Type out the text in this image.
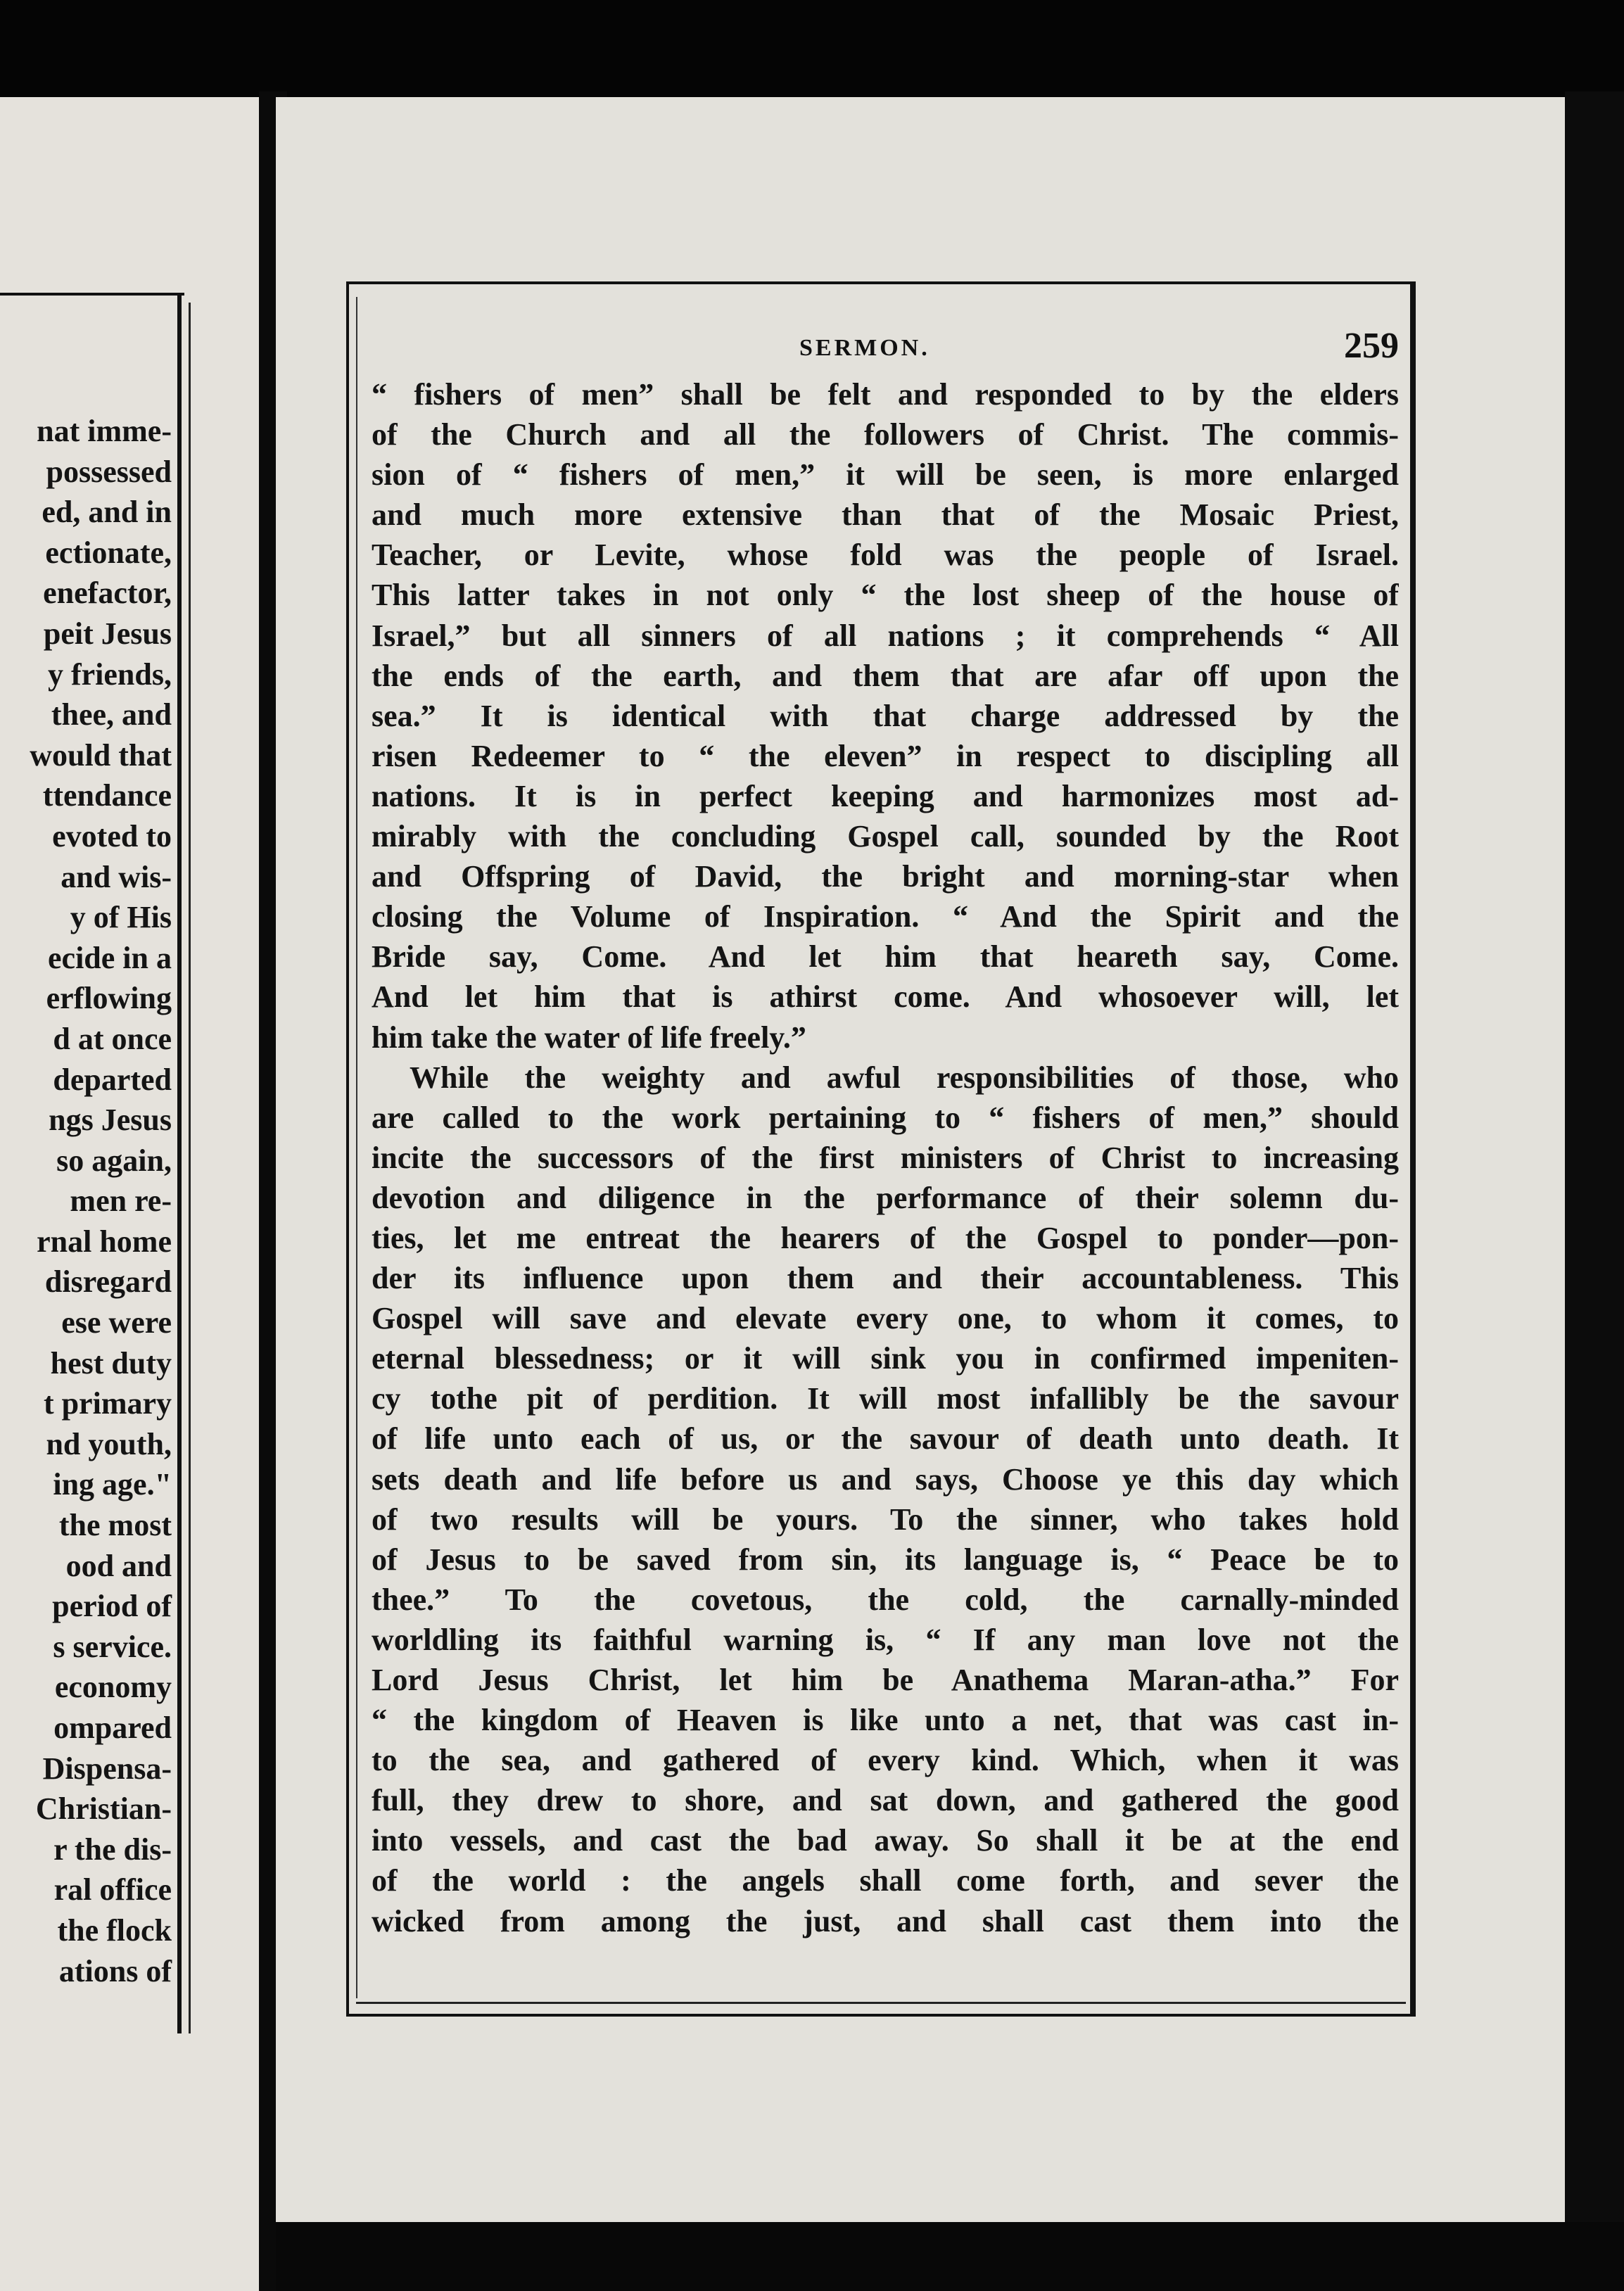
nat imme-
possessed
ed, and in
ectionate,
enefactor,
peit Jesus
y friends,
thee, and
would that
ttendance
evoted to
and wis-
y of His
ecide in a
erflowing
d at once
departed
ngs Jesus
so again,
men re-
rnal home
disregard
ese were
hest duty
t primary
nd youth,
ing age."
the most
ood and
period of
s service.
economy
ompared
Dispensa-
Christian-
r the dis-
ral office
the flock
ations of
SERMON.	259
“ fishers of men” shall be felt and responded to by the elders
of the Church and all the followers of Christ. The commis-
sion of “ fishers of men,” it will be seen, is more enlarged
and much more extensive than that of the Mosaic Priest,
Teacher, or Levite, whose fold was the people of Israel.
This latter takes in not only “ the lost sheep of the house of
Israel,” but all sinners of all nations ; it comprehends “ All
the ends of the earth, and them that are afar off upon the
sea.” It is identical with that charge addressed by the
risen Redeemer to “ the eleven” in respect to discipling all
nations. It is in perfect keeping and harmonizes most ad-
mirably with the concluding Gospel call, sounded by the Root
and Offspring of David, the bright and morning-star when
closing the Volume of Inspiration. “ And the Spirit and the
Bride say, Come. And let him that heareth say, Come.
And let him that is athirst come. And whosoever will, let
him take the water of life freely.”
While the weighty and awful responsibilities of those, who
are called to the work pertaining to “ fishers of men,” should
incite the successors of the first ministers of Christ to increasing
devotion and diligence in the performance of their solemn du-
ties, let me entreat the hearers of the Gospel to ponder—pon-
der its influence upon them and their accountableness. This
Gospel will save and elevate every one, to whom it comes, to
eternal blessedness; or it will sink you in confirmed impeniten-
cy tothe pit of perdition. It will most infallibly be the savour
of life unto each of us, or the savour of death unto death. It
sets death and life before us and says, Choose ye this day which
of two results will be yours. To the sinner, who takes hold
of Jesus to be saved from sin, its language is, “ Peace be to
thee.” To the covetous, the cold, the carnally-minded
worldling its faithful warning is, “ If any man love not the
Lord Jesus Christ, let him be Anathema Maran-atha.” For
“ the kingdom of Heaven is like unto a net, that was cast in-
to the sea, and gathered of every kind. Which, when it was
full, they drew to shore, and sat down, and gathered the good
into vessels, and cast the bad away. So shall it be at the end
of the world : the angels shall come forth, and sever the
wicked from among the just, and shall cast them into the
